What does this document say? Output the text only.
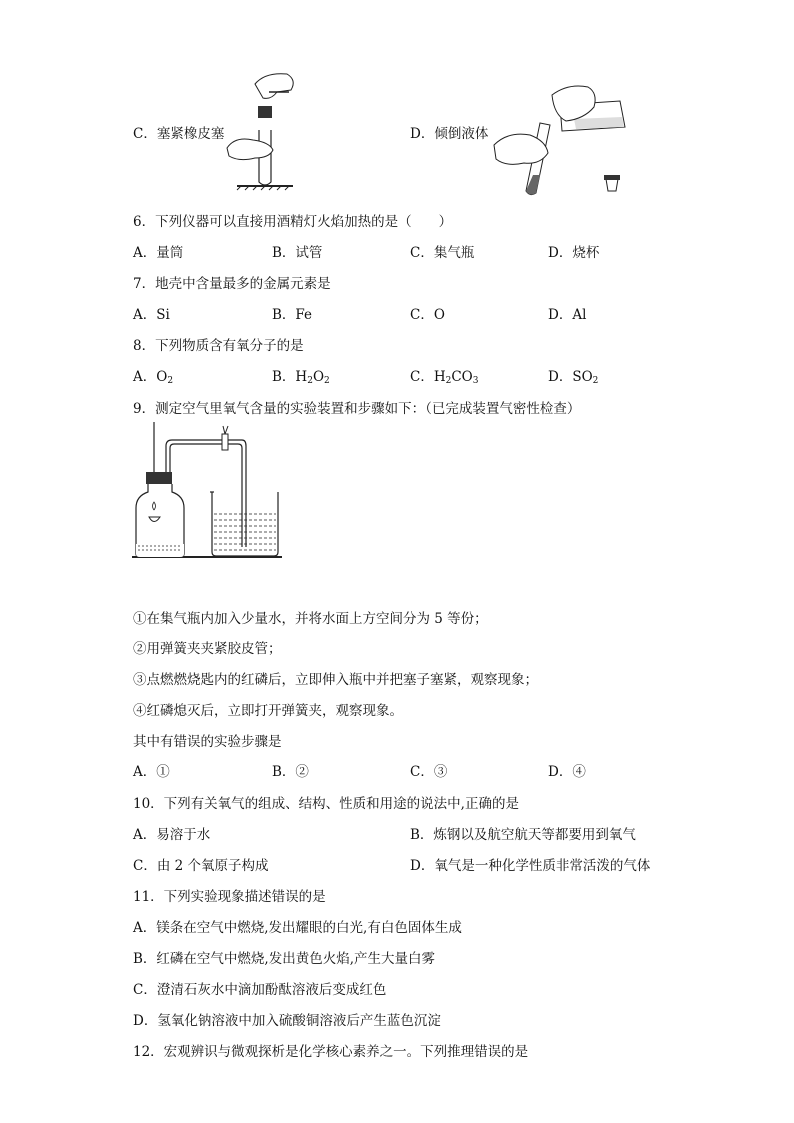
C．塞紧橡皮塞	D．倾倒液体
6．下列仪器可以直接用酒精灯火焰加热的是（　　）
A．量筒	B．试管	C．集气瓶	D．烧杯
7．地壳中含量最多的金属元素是
A．Si	B．Fe	C．O	D．Al
8．下列物质含有氧分子的是
A．$O_2$	B．$H_2O_2$	C．$H_2CO_3$	D．$SO_2$
9．测定空气里氧气含量的实验装置和步骤如下：（已完成装置气密性检查）
①在集气瓶内加入少量水，并将水面上方空间分为 5 等份；
②用弹簧夹夹紧胶皮管；
③点燃燃烧匙内的红磷后，立即伸入瓶中并把塞子塞紧，观察现象；
④红磷熄灭后，立即打开弹簧夹，观察现象。
其中有错误的实验步骤是
A．①	B．②	C．③	D．④
10．下列有关氧气的组成、结构、性质和用途的说法中,正确的是
A．易溶于水	B．炼钢以及航空航天等都要用到氧气
C．由 2 个氧原子构成	D．氧气是一种化学性质非常活泼的气体
11．下列实验现象描述错误的是
A．镁条在空气中燃烧,发出耀眼的白光,有白色固体生成
B．红磷在空气中燃烧,发出黄色火焰,产生大量白雾
C．澄清石灰水中滴加酚酞溶液后变成红色
D．氢氧化钠溶液中加入硫酸铜溶液后产生蓝色沉淀
12．宏观辨识与微观探析是化学核心素养之一。下列推理错误的是
